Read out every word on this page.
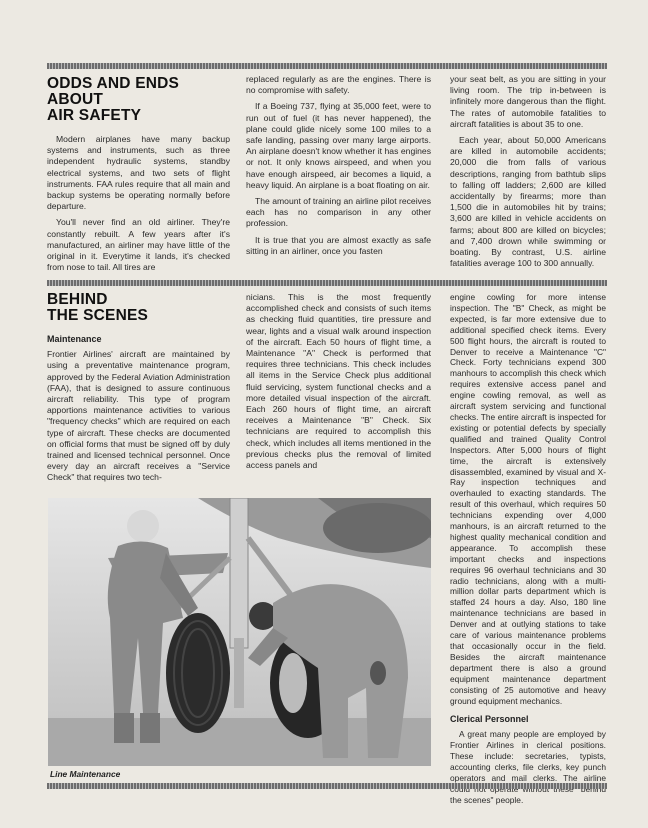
ODDS AND ENDS
ABOUT
AIR SAFETY

Modern airplanes have many backup systems and instruments, such as three independent hydraulic systems, standby electrical systems, and two sets of flight instruments. FAA rules require that all main and backup systems be operating normally before departure.

You'll never find an old airliner. They're constantly rebuilt. A few years after it's manufactured, an airliner may have little of the original in it. Everytime it lands, it's checked from nose to tail. All tires are

replaced regularly as are the engines. There is no compromise with safety.

If a Boeing 737, flying at 35,000 feet, were to run out of fuel (it has never happened), the plane could glide nicely some 100 miles to a safe landing, passing over many large airports. An airplane doesn't know whether it has engines or not. It only knows airspeed, and when you have enough airspeed, air becomes a liquid, a heavy liquid. An airplane is a boat floating on air.

The amount of training an airline pilot receives each has no comparison in any other profession.

It is true that you are almost exactly as safe sitting in an airliner, once you fasten

your seat belt, as you are sitting in your living room. The trip in-between is infinitely more dangerous than the flight. The rates of automobile fatalities to aircraft fatalities is about 35 to one.

Each year, about 50,000 Americans are killed in automobile accidents; 20,000 die from falls of various descriptions, ranging from bathtub slips to falling off ladders; 2,600 are killed accidentally by firearms; more than 1,500 die in automobiles hit by trains; 3,600 are killed in vehicle accidents on farms; about 800 are killed on bicycles; and 7,400 drown while swimming or boating. By contrast, U.S. airline fatalities average 100 to 300 annually.

BEHIND
THE SCENES
Maintenance

Frontier Airlines' aircraft are maintained by using a preventative maintenance program, approved by the Federal Aviation Administration (FAA), that is designed to assure continuous aircraft reliability. This type of program apportions maintenance activities to various "frequency checks" which are required on each type of aircraft. These checks are documented on official forms that must be signed off by duly trained and licensed technical personnel. Once every day an aircraft receives a "Service Check" that requires two tech-

nicians. This is the most frequently accomplished check and consists of such items as checking fluid quantities, tire pressure and wear, lights and a visual walk around inspection of the aircraft. Each 50 hours of flight time, a Maintenance "A" Check is performed that requires three technicians. This check includes all items in the Service Check plus additional fluid servicing, system functional checks and a more detailed visual inspection of the aircraft. Each 260 hours of flight time, an aircraft receives a Maintenance "B" Check. Six technicians are required to accomplish this check, which includes all items mentioned in the previous checks plus the removal of limited access panels and

engine cowling for more intense inspection. The "B" Check, as might be expected, is far more extensive due to additional specified check items. Every 500 flight hours, the aircraft is routed to Denver to receive a Maintenance "C" Check. Forty technicians expend 300 manhours to accomplish this check which requires extensive access panel and engine cowling removal, as well as aircraft system servicing and functional checks. The entire aircraft is inspected for existing or potential defects by specially qualified and trained Quality Control Inspectors. After 5,000 hours of flight time, the aircraft is extensively disassembled, examined by visual and X-Ray inspection techniques and overhauled to exacting standards. The result of this overhaul, which requires 50 technicians expending over 4,000 manhours, is an aircraft returned to the highest quality mechanical condition and appearance. To accomplish these important checks and inspections requires 96 overhaul technicians and 30 radio technicians, along with a multi-million dollar parts department which is staffed 24 hours a day. Also, 180 line maintenance technicians are based in Denver and at outlying stations to take care of various maintenance problems that occasionally occur in the field. Besides the aircraft maintenance department there is also a ground equipment maintenance department consisting of 25 automotive and heavy ground equipment mechanics.

Clerical Personnel

A great many people are employed by Frontier Airlines in clerical positions. These include: secretaries, typists, accounting clerks, file clerks, key punch operators and mail clerks. The airline the scenes" people.

Line Maintenance
